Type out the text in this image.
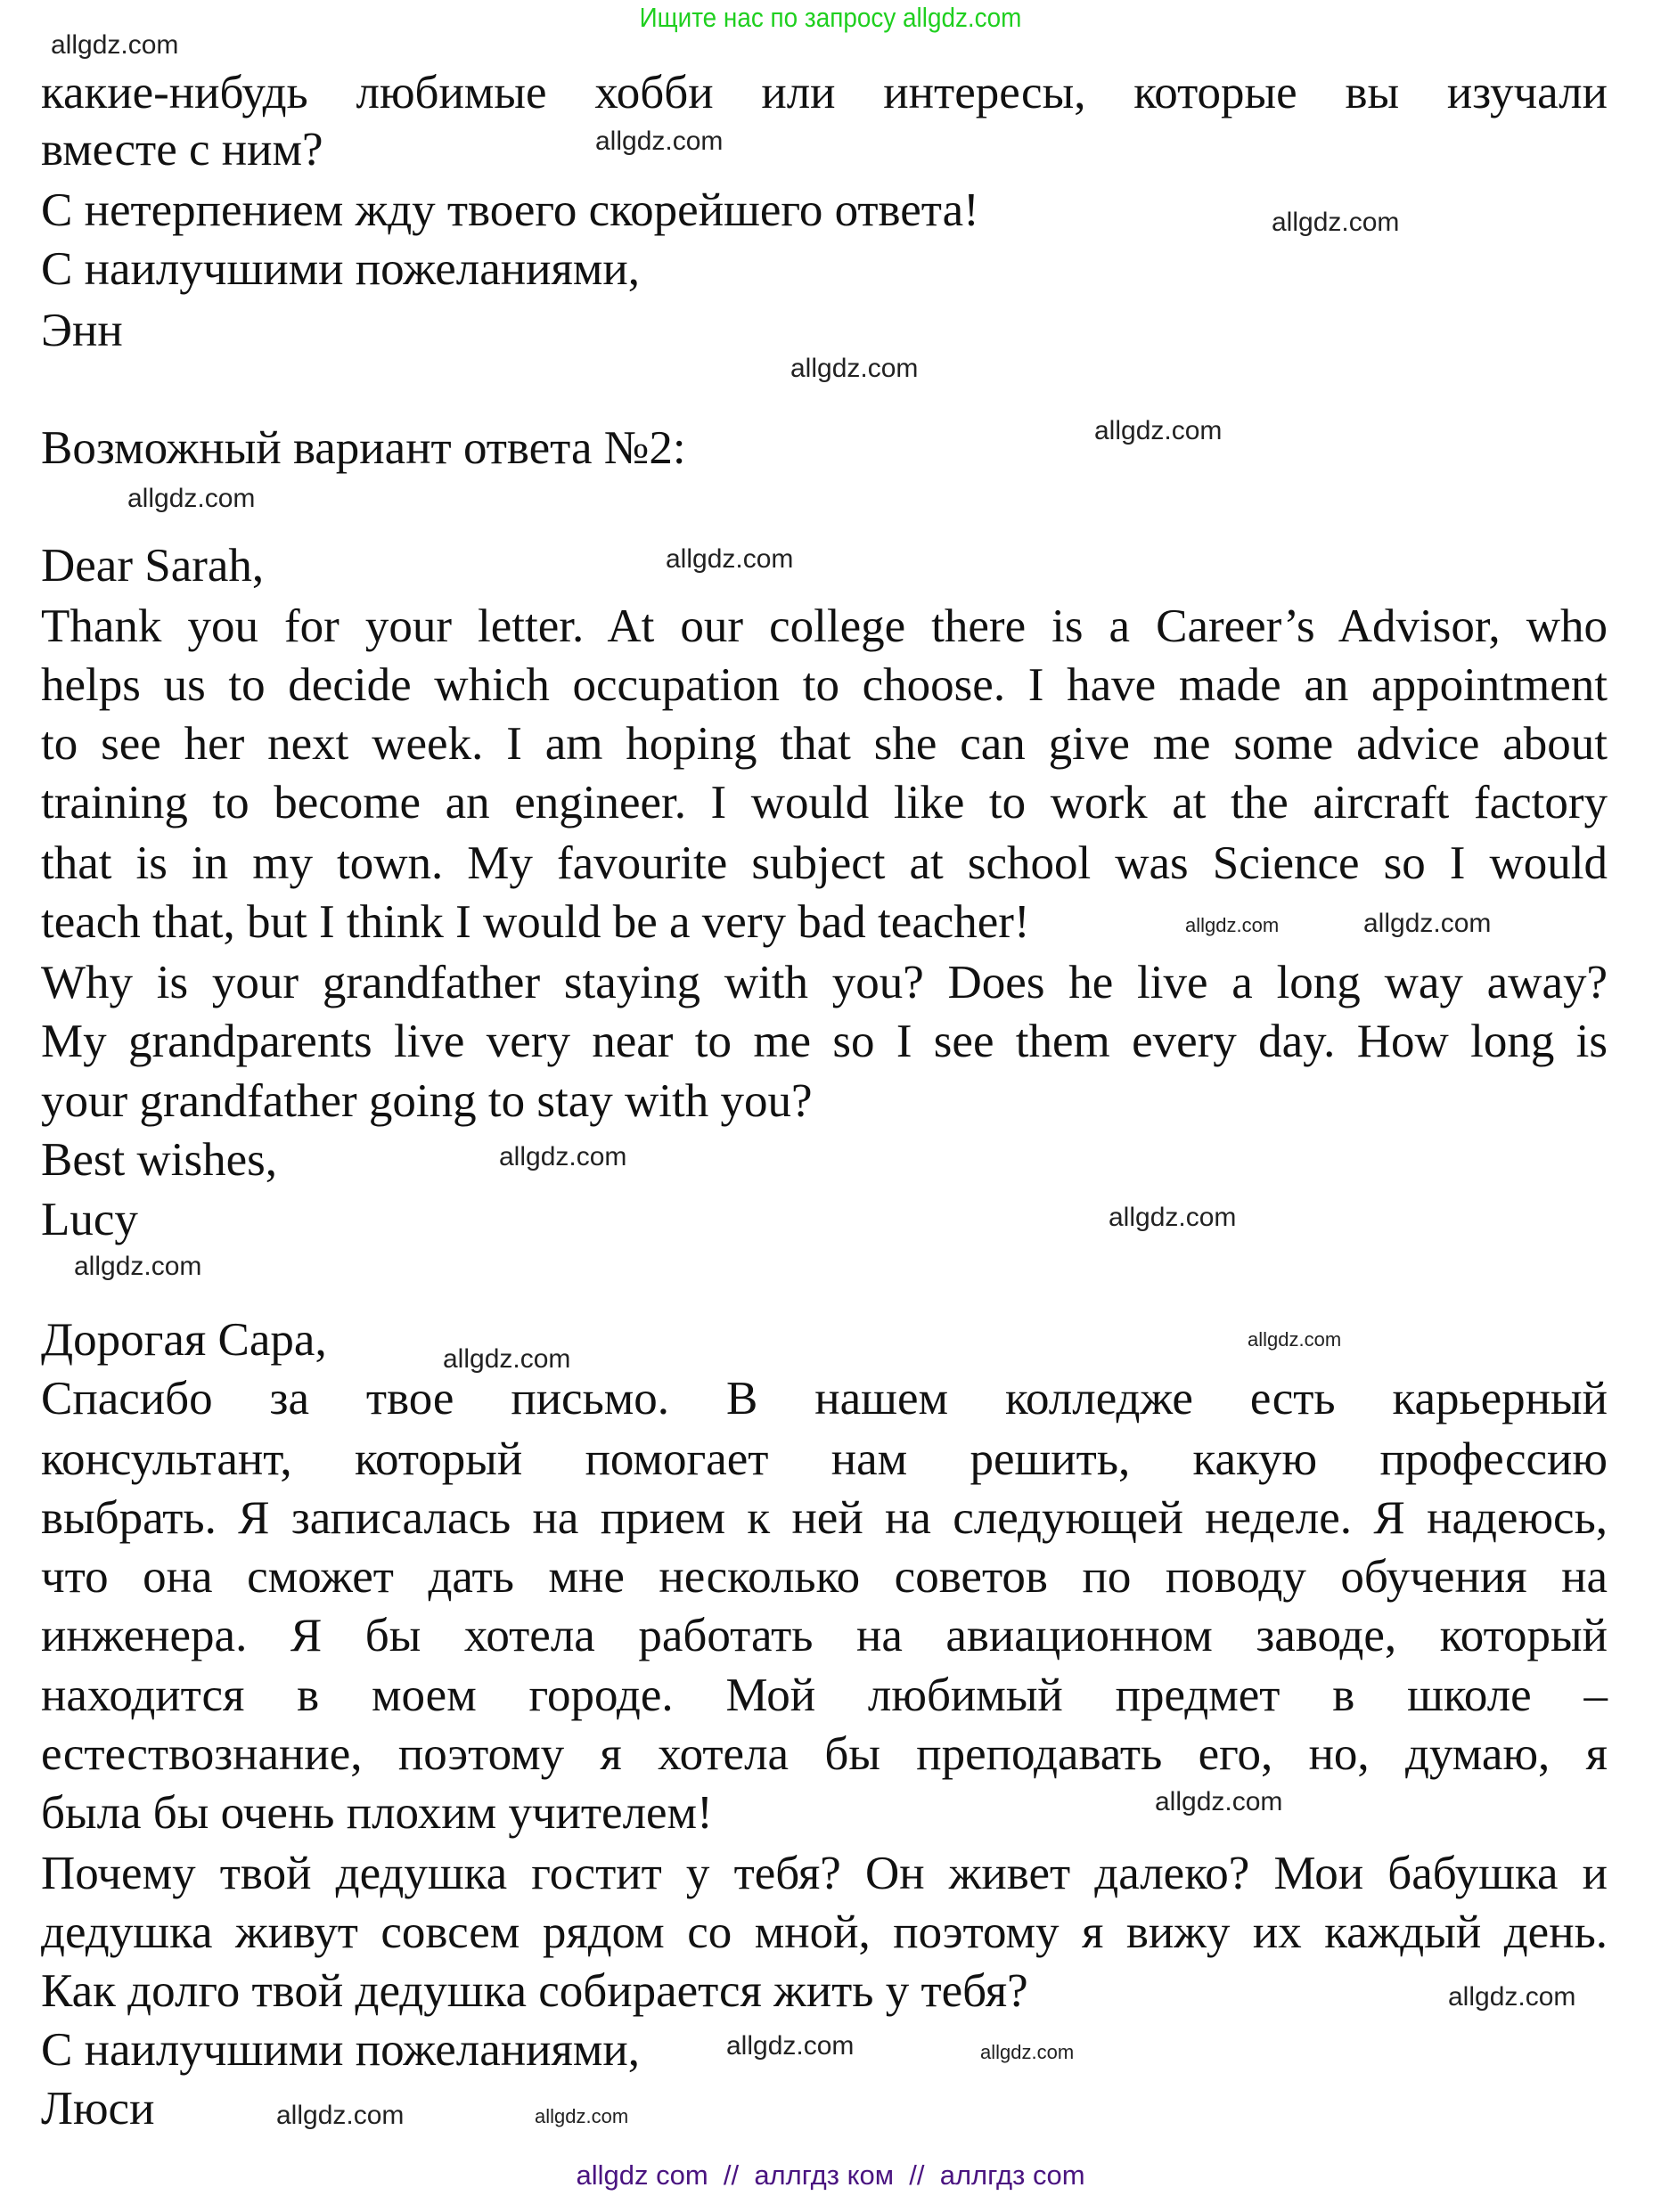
Ищите нас по запросу allgdz.com
какие-нибудь любимые хобби или интересы, которые вы изучали
вместе с ним?
С нетерпением жду твоего скорейшего ответа!
С наилучшими пожеланиями,
Энн
Возможный вариант ответа №2:
Dear Sarah,
Thank you for your letter. At our college there is a Career’s Advisor, who
helps us to decide which occupation to choose. I have made an appointment
to see her next week. I am hoping that she can give me some advice about
training to become an engineer. I would like to work at the aircraft factory
that is in my town. My favourite subject at school was Science so I would
teach that, but I think I would be a very bad teacher!
Why is your grandfather staying with you? Does he live a long way away?
My grandparents live very near to me so I see them every day. How long is
your grandfather going to stay with you?
Best wishes,
Lucy
Дорогая Сара,
Спасибо за твое письмо. В нашем колледже есть карьерный
консультант, который помогает нам решить, какую профессию
выбрать. Я записалась на прием к ней на следующей неделе. Я надеюсь,
что она сможет дать мне несколько советов по поводу обучения на
инженера. Я бы хотела работать на авиационном заводе, который
находится в моем городе. Мой любимый предмет в школе –
естествознание, поэтому я хотела бы преподавать его, но, думаю, я
была бы очень плохим учителем!
Почему твой дедушка гостит у тебя? Он живет далеко? Мои бабушка и
дедушка живут совсем рядом со мной, поэтому я вижу их каждый день.
Как долго твой дедушка собирается жить у тебя?
С наилучшими пожеланиями,
Люси
allgdz.com
allgdz.com
allgdz.com
allgdz.com
allgdz.com
allgdz.com
allgdz.com
allgdz.com	allgdz.com
allgdz.com
allgdz.com
allgdz.com
allgdz.com
allgdz.com
allgdz.com
allgdz.com
allgdz.com
allgdz.com
allgdz.com
allgdz.com
allgdz com  //  аллгдз ком  //  аллгдз com
